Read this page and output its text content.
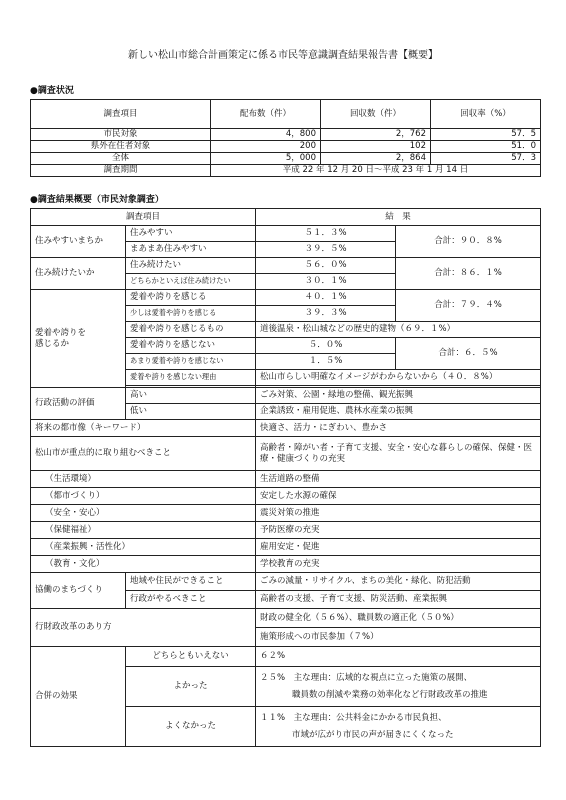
新しい松山市総合計画策定に係る市民等意識調査結果報告書【概要】
●調査状況
調査項目	配布数（件）	回収数（件）	回収率（%）
市民対象	4，800	2，762	57．5
県外在住者対象	200	102	51．0
全体	5，000	2，864	57．3
調査期間	平成 22 年 12 月 20 日～平成 23 年 1 月 14 日		
●調査結果概要（市民対象調査）
調査項目		結　果	
住みやすいまちか	住みやすい	５１．３%	合計：９０．８%
	まあまあ住みやすい	３９．５%	
住み続けたいか	住み続けたい	５６．０%	合計：８６．１%
	どちらかといえば住み続けたい	３０．１%	

愛着や誇りを
感じるか	愛着や誇りを感じる	４０．１%	合計：７９．４%
	少しは愛着や誇りを感じる	３９．３%	
	愛着や誇りを感じるもの	道後温泉・松山城などの歴史的建物（６９．１%）	
	愛着や誇りを感じない	５．０%	合計：６．５%
	あまり愛着や誇りを感じない	１．５%	
	愛着や誇りを感じない理由	松山市らしい明確なイメージがわからないから（４０．８%）	

行政活動の評価	高い	ごみ対策、公園・緑地の整備、観光振興	
	低い	企業誘致・雇用促進、農林水産業の振興	
将来の都市像（キーワード）		快適さ、活力・にぎわい、豊かさ	
松山市が重点的に取り組むべきこと		高齢者・障がい者・子育て支援、安全・安心な暮らしの確保、保健・医療・健康づくりの充実	
（生活環境）		生活道路の整備	
（都市づくり）		安定した水源の確保	
（安全・安心）		震災対策の推進	
（保健福祉）		予防医療の充実	
（産業振興・活性化）		雇用安定・促進	
（教育・文化）		学校教育の充実	
協働のまちづくり	地域や住民ができること	ごみの減量・リサイクル、まちの美化・緑化、防犯活動	
	行政がやるべきこと	高齢者の支援、子育て支援、防災活動、産業振興	
行財政改革のあり方		財政の健全化（５６%）、職員数の適正化（５０%）	
		施策形成への市民参加（７%）	
合併の効果	どちらともいえない	６２%	
	よかった	２５%　主な理由：広域的な視点に立った施策の展開、
職員数の削減や業務の効率化など行財政改革の推進	

	よくなかった	１１%　主な理由：公共料金にかかる市民負担、
市域が広がり市民の声が届きにくくなった	
